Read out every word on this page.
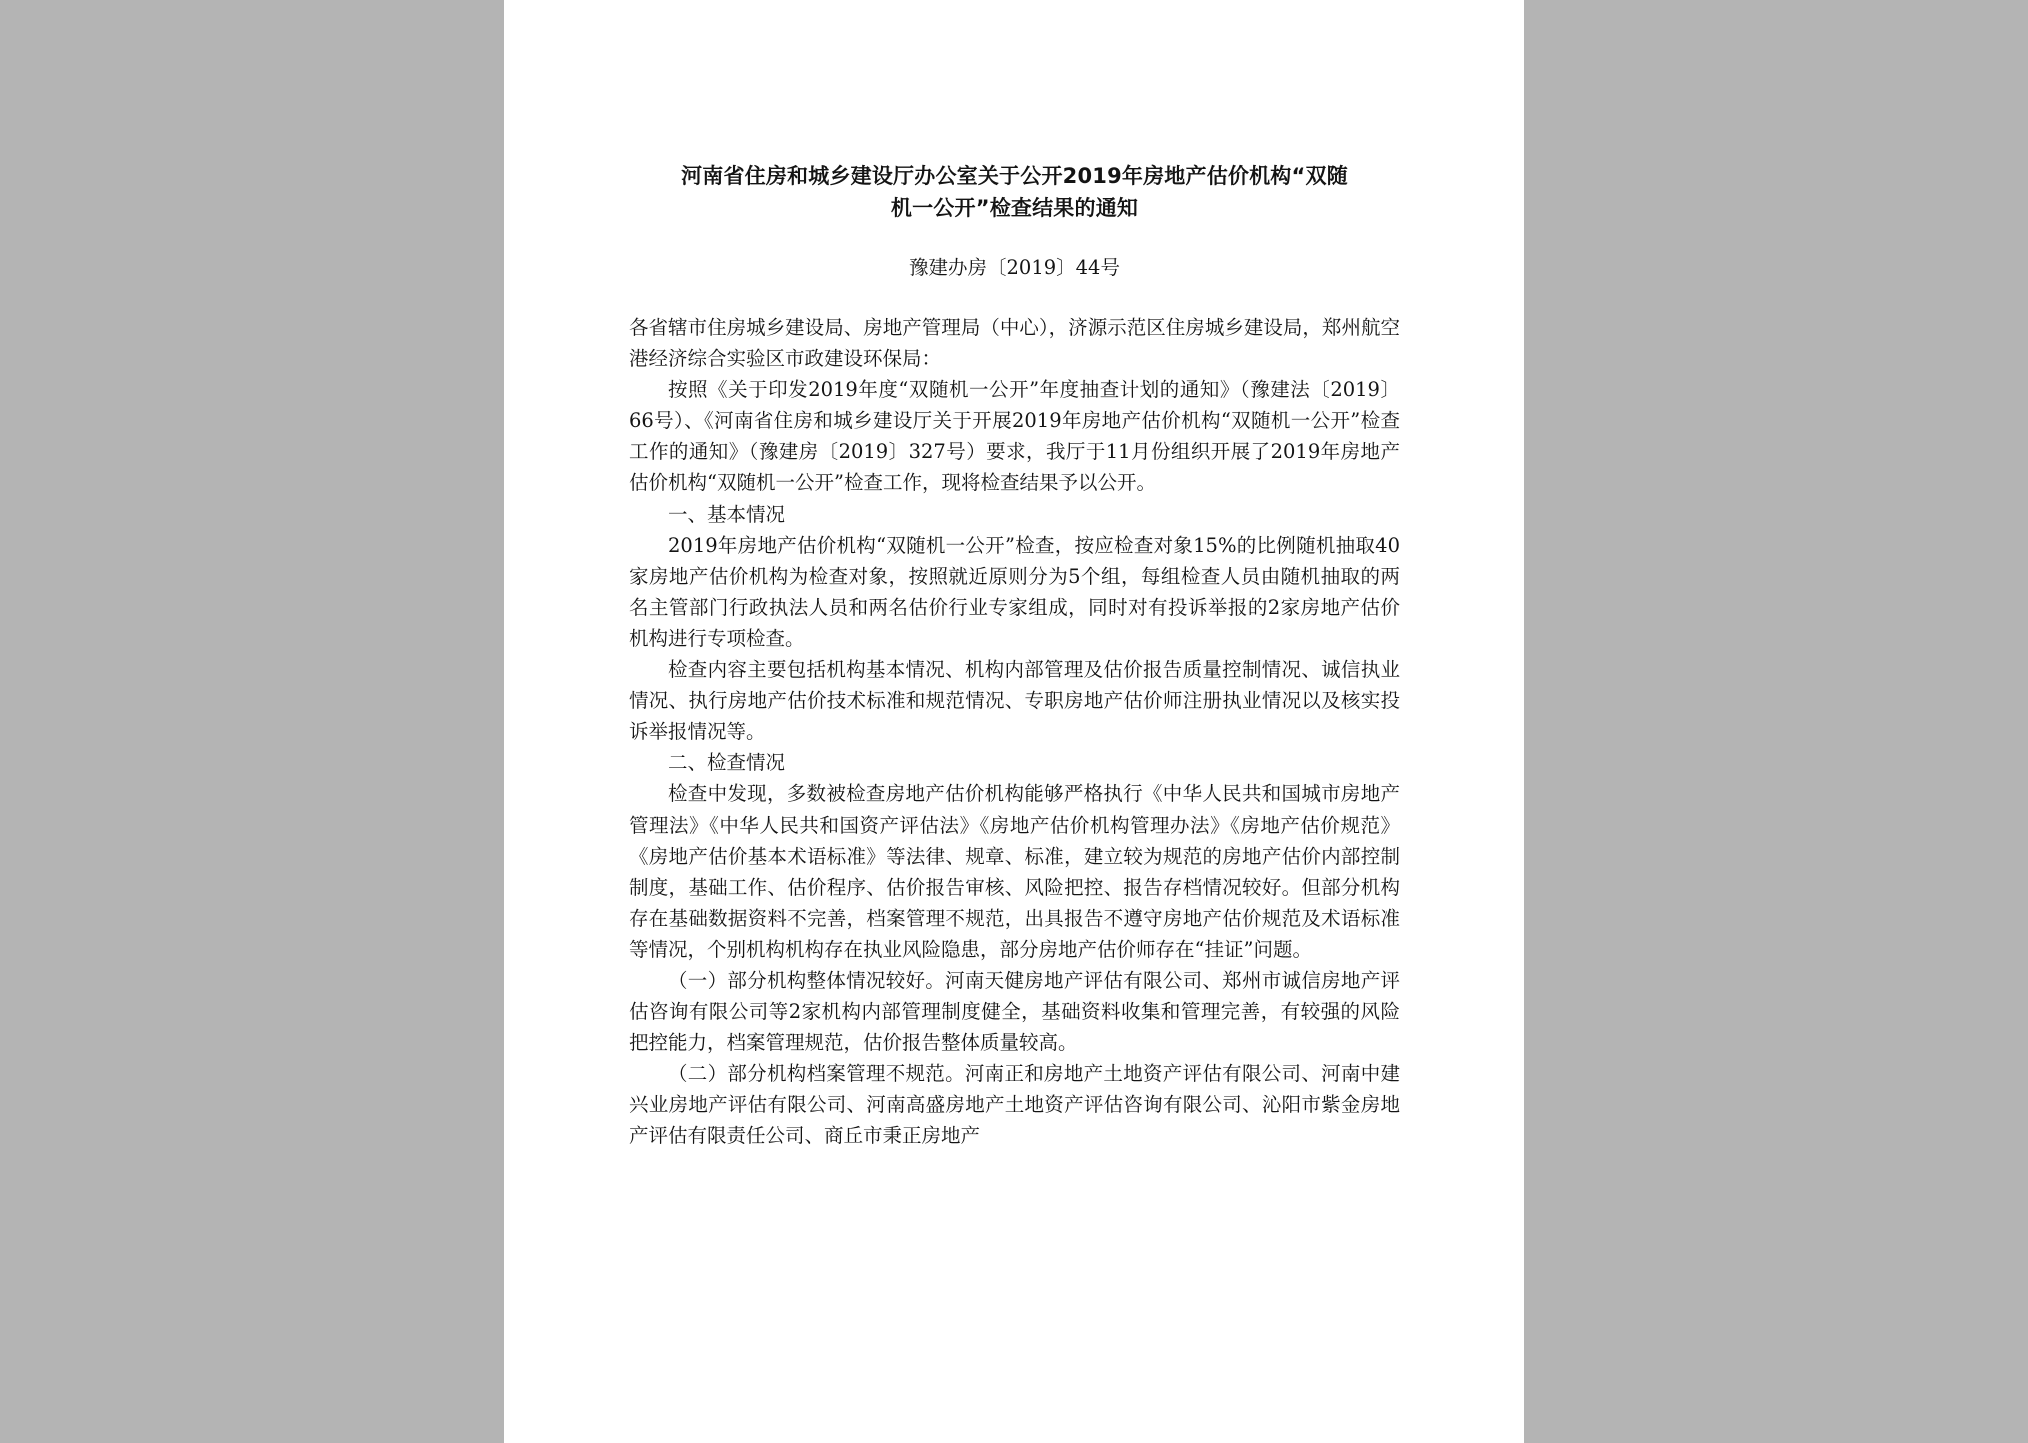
河南省住房和城乡建设厅办公室关于公开2019年房地产估价机构“双随
机一公开”检查结果的通知
豫建办房〔2019〕44号

各省辖市住房城乡建设局、房地产管理局（中心），济源示范区住房城乡建设局，郑州航空港经济综合实验区市政建设环保局：

按照《关于印发2019年度“双随机一公开”年度抽查计划的通知》（豫建法〔2019〕66号）、《河南省住房和城乡建设厅关于开展2019年房地产估价机构“双随机一公开”检查工作的通知》（豫建房〔2019〕327号）要求，我厅于11月份组织开展了2019年房地产估价机构“双随机一公开”检查工作，现将检查结果予以公开。

一、基本情况

2019年房地产估价机构“双随机一公开”检查，按应检查对象15%的比例随机抽取40家房地产估价机构为检查对象，按照就近原则分为5个组，每组检查人员由随机抽取的两名主管部门行政执法人员和两名估价行业专家组成，同时对有投诉举报的2家房地产估价机构进行专项检查。

检查内容主要包括机构基本情况、机构内部管理及估价报告质量控制情况、诚信执业情况、执行房地产估价技术标准和规范情况、专职房地产估价师注册执业情况以及核实投诉举报情况等。

二、检查情况

检查中发现，多数被检查房地产估价机构能够严格执行《中华人民共和国城市房地产管理法》《中华人民共和国资产评估法》《房地产估价机构管理办法》《房地产估价规范》《房地产估价基本术语标准》等法律、规章、标准，建立较为规范的房地产估价内部控制制度，基础工作、估价程序、估价报告审核、风险把控、报告存档情况较好。但部分机构存在基础数据资料不完善，档案管理不规范，出具报告不遵守房地产估价规范及术语标准等情况，个别机构机构存在执业风险隐患，部分房地产估价师存在“挂证”问题。

（一）部分机构整体情况较好。河南天健房地产评估有限公司、郑州市诚信房地产评估咨询有限公司等2家机构内部管理制度健全，基础资料收集和管理完善，有较强的风险把控能力，档案管理规范，估价报告整体质量较高。

（二）部分机构档案管理不规范。河南正和房地产土地资产评估有限公司、河南中建兴业房地产评估有限公司、河南高盛房地产土地资产评估咨询有限公司、沁阳市紫金房地产评估有限责任公司、商丘市秉正房地产
